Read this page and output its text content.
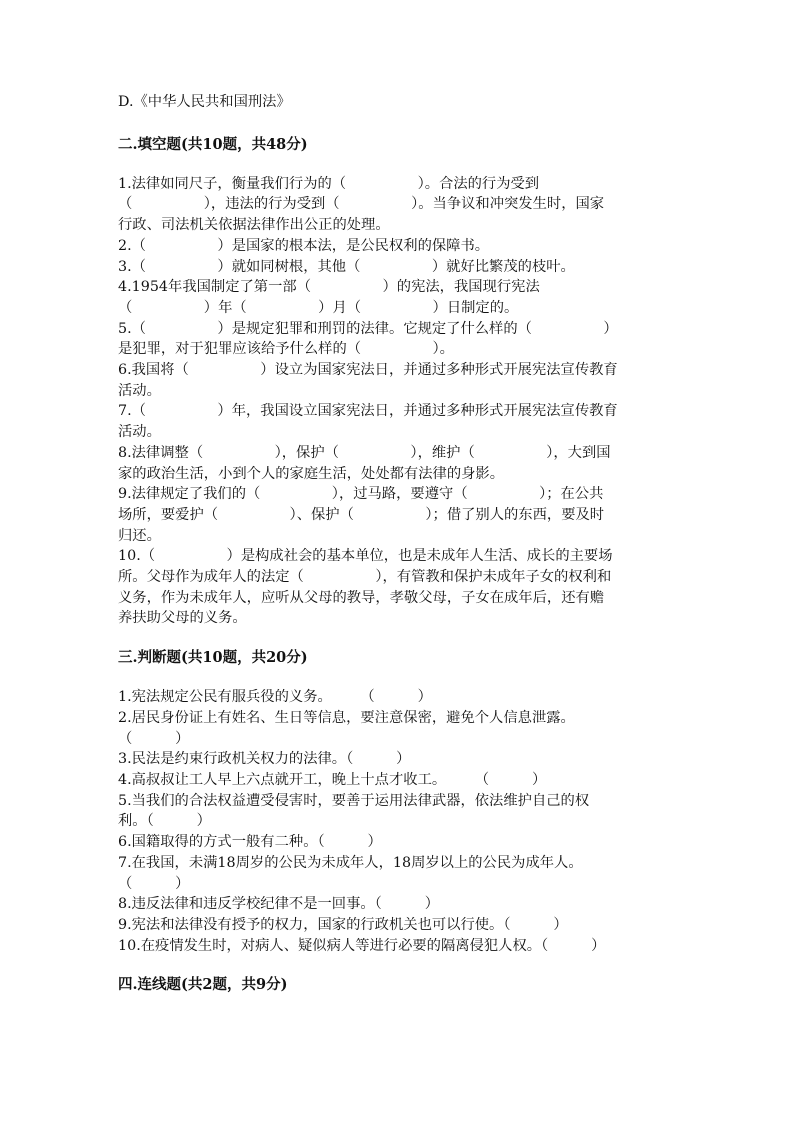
D.《中华人民共和国刑法》
二.填空题(共10题，共48分)
1.法律如同尺子，衡量我们行为的（　　　　　）。合法的行为受到
（　　　　　），违法的行为受到（　　　　　）。当争议和冲突发生时，国家
行政、司法机关依据法律作出公正的处理。
2.（　　　　　）是国家的根本法，是公民权利的保障书。
3.（　　　　　）就如同树根，其他（　　　　　）就好比繁茂的枝叶。
4.1954年我国制定了第一部（　　　　　）的宪法，我国现行宪法
（　　　　　）年（　　　　　）月（　　　　　）日制定的。
5.（　　　　　）是规定犯罪和刑罚的法律。它规定了什么样的（　　　　　）
是犯罪，对于犯罪应该给予什么样的（　　　　　）。
6.我国将（　　　　　）设立为国家宪法日，并通过多种形式开展宪法宣传教育
活动。
7.（　　　　　）年，我国设立国家宪法日，并通过多种形式开展宪法宣传教育
活动。
8.法律调整（　　　　　），保护（　　　　　），维护（　　　　　），大到国
家的政治生活，小到个人的家庭生活，处处都有法律的身影。
9.法律规定了我们的（　　　　　），过马路，要遵守（　　　　　）；在公共
场所，要爱护（　　　　　）、保护（　　　　　）；借了别人的东西，要及时
归还。
10.（　　　　　）是构成社会的基本单位，也是未成年人生活、成长的主要场
所。父母作为成年人的法定（　　　　　），有管教和保护未成年子女的权利和
义务，作为未成年人，应听从父母的教导，孝敬父母，子女在成年后，还有赡
养扶助父母的义务。
三.判断题(共10题，共20分)
1.宪法规定公民有服兵役的义务。　　　（　　　）
2.居民身份证上有姓名、生日等信息，要注意保密，避免个人信息泄露。
（　　　）
3.民法是约束行政机关权力的法律。（　　　）
4.高叔叔让工人早上六点就开工，晚上十点才收工。　　　（　　　）
5.当我们的合法权益遭受侵害时，要善于运用法律武器，依法维护自己的权
利。（　　　）
6.国籍取得的方式一般有二种。（　　　）
7.在我国，未满18周岁的公民为未成年人，18周岁以上的公民为成年人。
（　　　）
8.违反法律和违反学校纪律不是一回事。（　　　）
9.宪法和法律没有授予的权力，国家的行政机关也可以行使。（　　　）
10.在疫情发生时，对病人、疑似病人等进行必要的隔离侵犯人权。（　　　）
四.连线题(共2题，共9分)
